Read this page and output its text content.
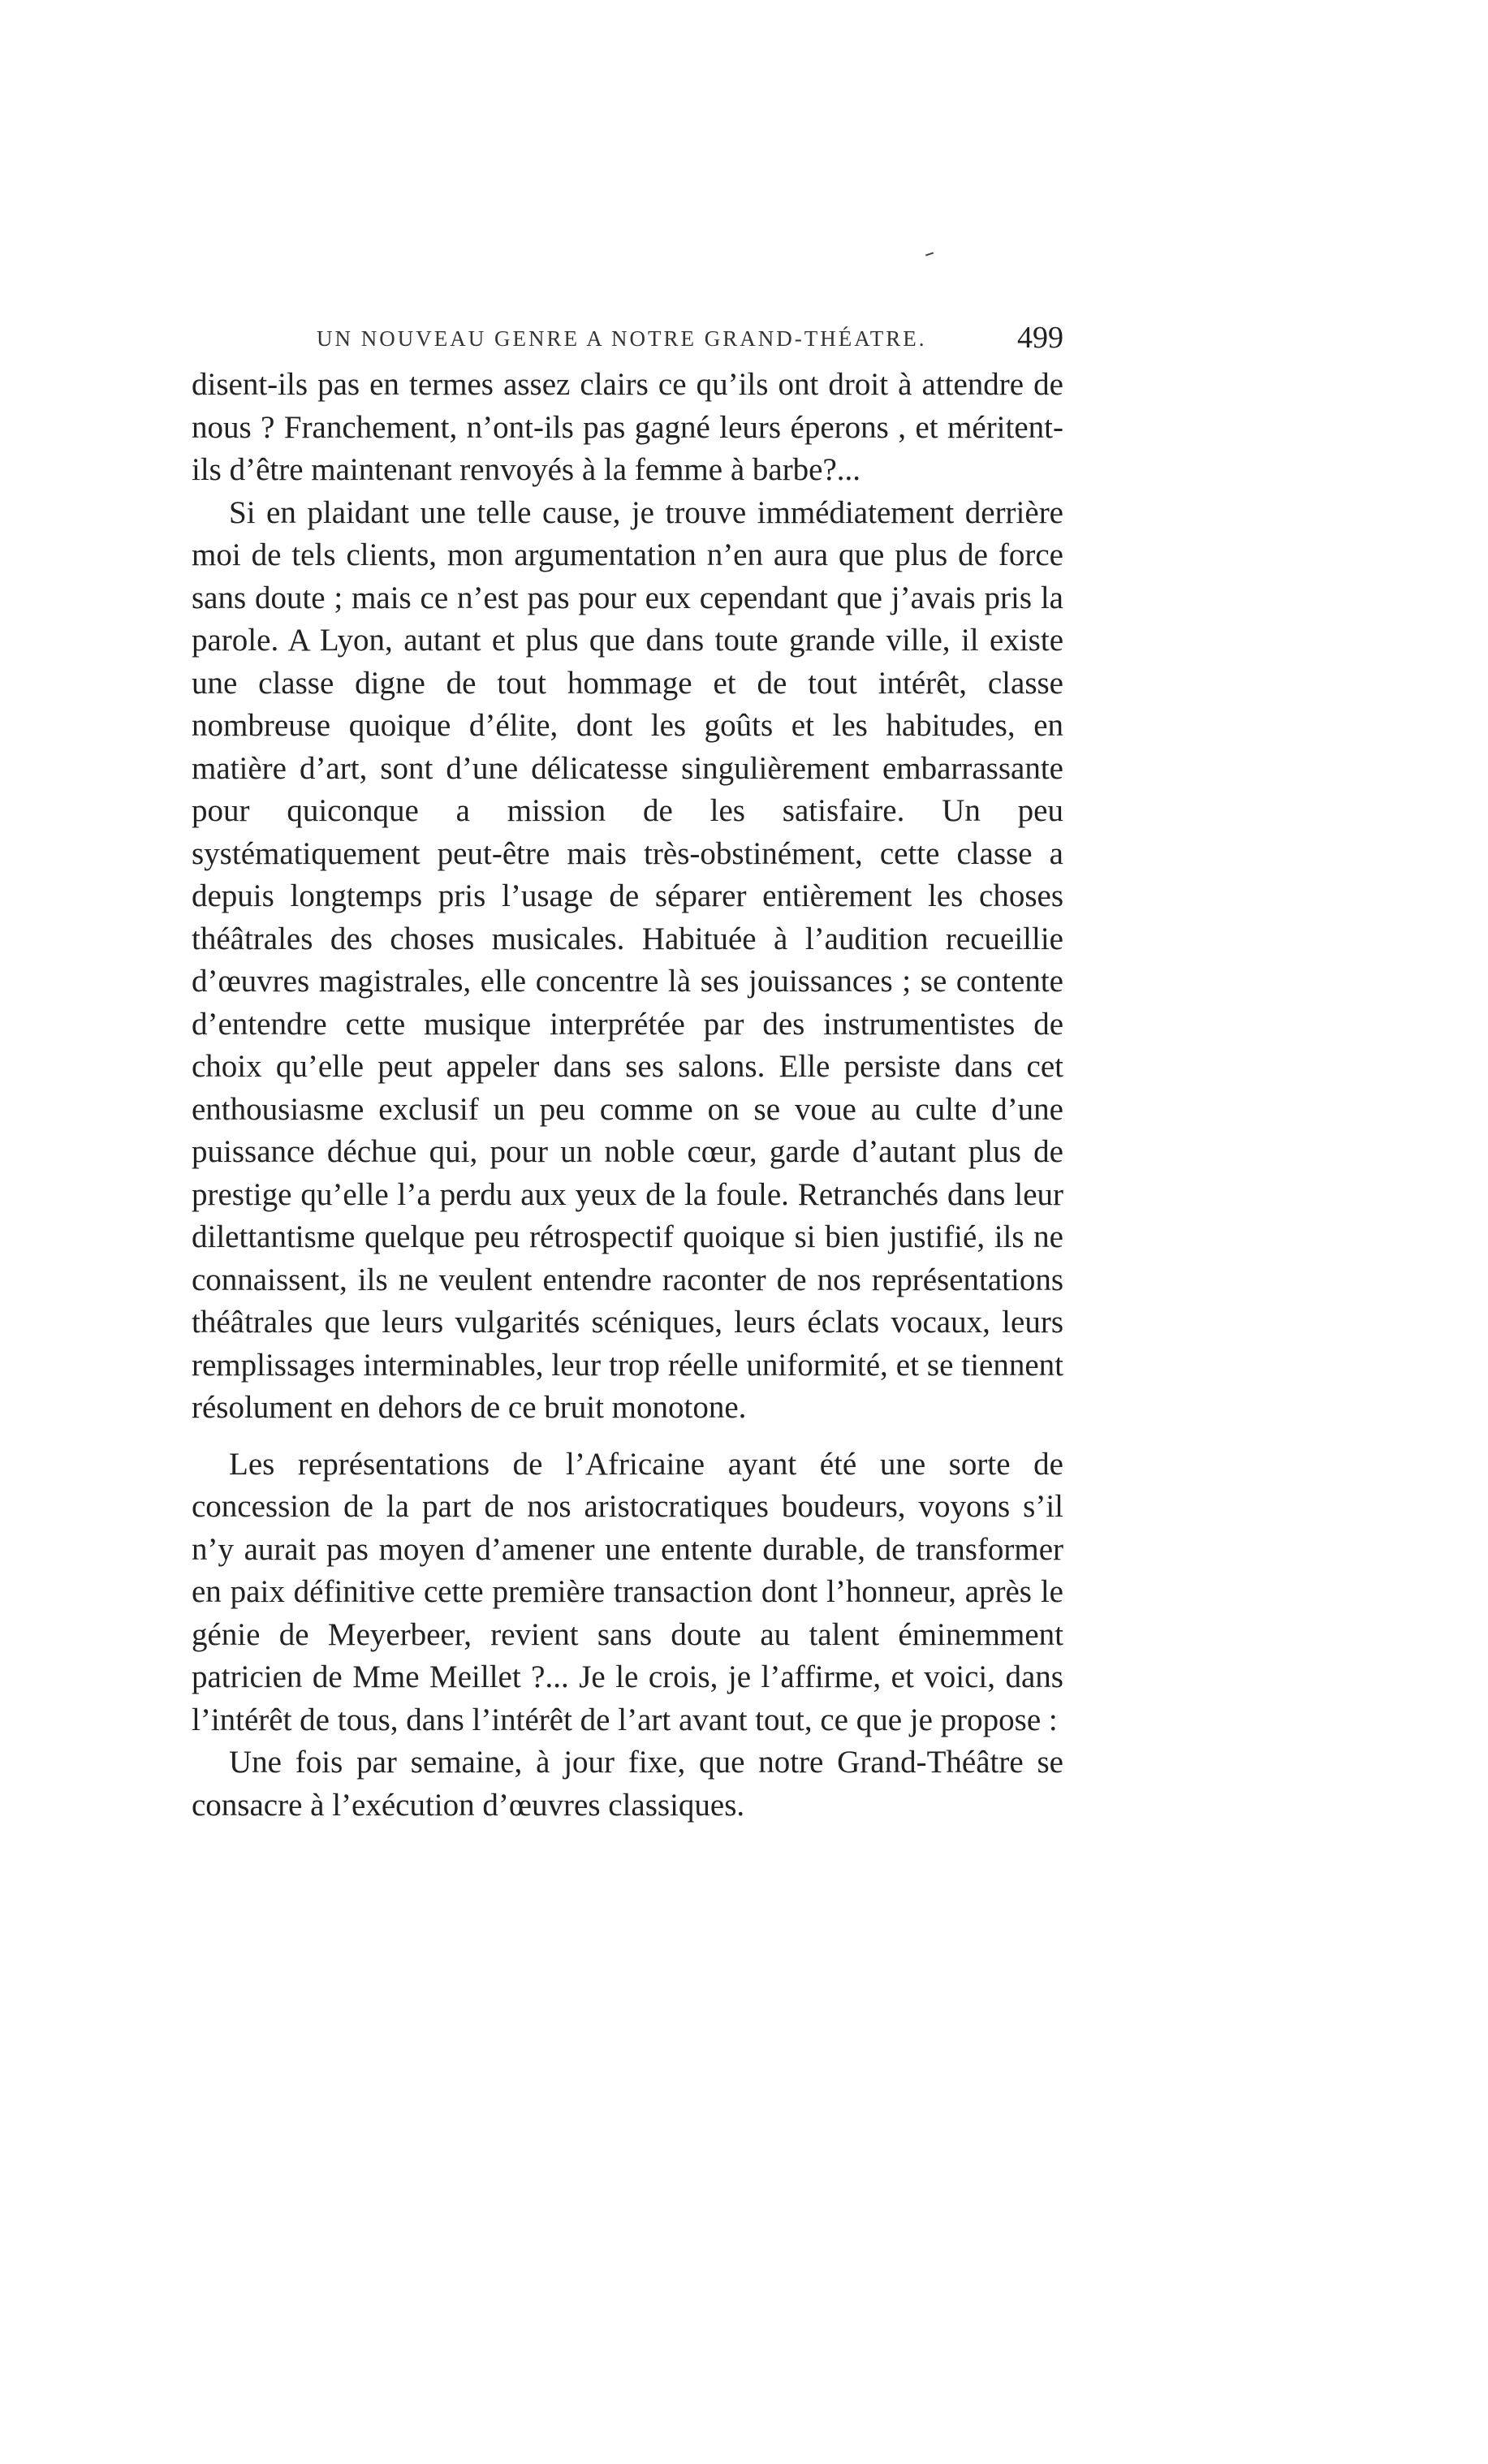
UN NOUVEAU GENRE A NOTRE GRAND-THÉATRE.	499

disent-ils pas en termes assez clairs ce qu’ils ont droit à attendre de nous ? Franchement, n’ont-ils pas gagné leurs éperons , et méritent-ils d’être maintenant renvoyés à la femme à barbe?...

Si en plaidant une telle cause, je trouve immédiatement derrière moi de tels clients, mon argumentation n’en aura que plus de force sans doute ; mais ce n’est pas pour eux cependant que j’avais pris la parole. A Lyon, autant et plus que dans toute grande ville, il existe une classe digne de tout hommage et de tout intérêt, classe nombreuse quoique d’élite, dont les goûts et les habitudes, en matière d’art, sont d’une délicatesse singulièrement embarrassante pour quiconque a mission de les satisfaire. Un peu systématiquement peut-être mais très-obstinément, cette classe a depuis longtemps pris l’usage de séparer entièrement les choses théâtrales des choses musicales. Habituée à l’audition recueillie d’œuvres magistrales, elle concentre là ses jouissances ; se contente d’entendre cette musique interprétée par des instrumentistes de choix qu’elle peut appeler dans ses salons. Elle persiste dans cet enthousiasme exclusif un peu comme on se voue au culte d’une puissance déchue qui, pour un noble cœur, garde d’autant plus de prestige qu’elle l’a perdu aux yeux de la foule. Retranchés dans leur dilettantisme quelque peu rétrospectif quoique si bien justifié, ils ne connaissent, ils ne veulent entendre raconter de nos représentations théâtrales que leurs vulgarités scéniques, leurs éclats vocaux, leurs remplissages interminables, leur trop réelle uniformité, et se tiennent résolument en dehors de ce bruit monotone.

Les représentations de l’Africaine ayant été une sorte de concession de la part de nos aristocratiques boudeurs, voyons s’il n’y aurait pas moyen d’amener une entente durable, de transformer en paix définitive cette première transaction dont l’honneur, après le génie de Meyerbeer, revient sans doute au talent éminemment patricien de Mme Meillet ?... Je le crois, je l’affirme, et voici, dans l’intérêt de tous, dans l’intérêt de l’art avant tout, ce que je propose :

Une fois par semaine, à jour fixe, que notre Grand-Théâtre se consacre à l’exécution d’œuvres classiques.
